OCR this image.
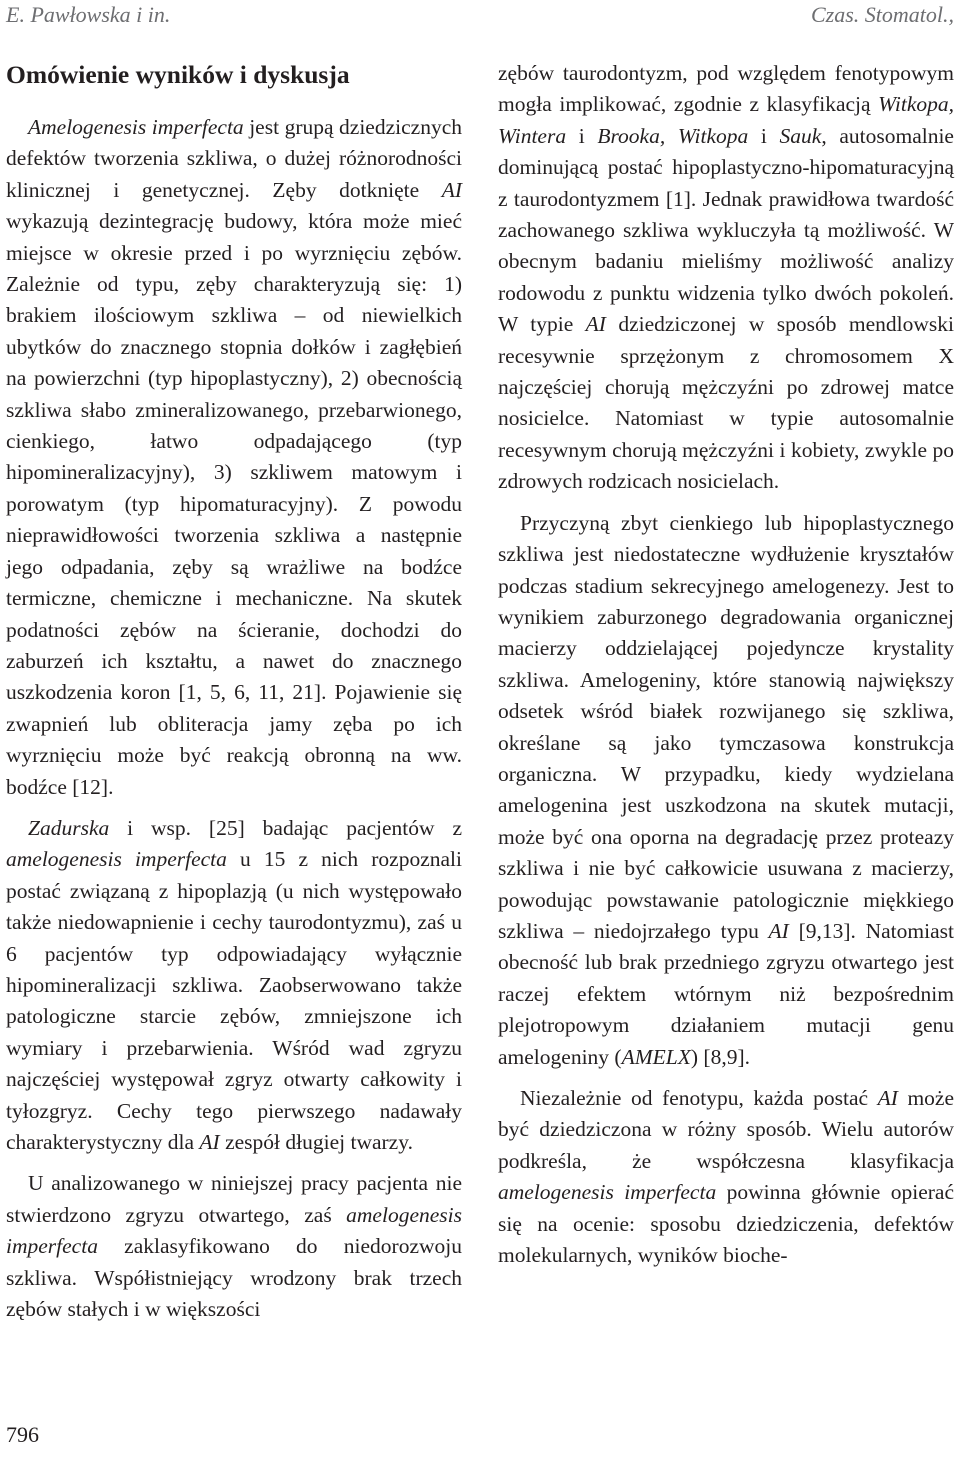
E. Pawłowska i in.	Czas. Stomatol.,
Omówienie wyników i dyskusja

Amelogenesis imperfecta jest grupą dziedzicznych defektów tworzenia szkliwa, o dużej różnorodności klinicznej i genetycznej. Zęby dotknięte AI wykazują dezintegrację budowy, która może mieć miejsce w okresie przed i po wyrznięciu zębów. Zależnie od typu, zęby charakteryzują się: 1) brakiem ilościowym szkliwa – od niewielkich ubytków do znacznego stopnia dołków i zagłębień na powierzchni (typ hipoplastyczny), 2) obecnością szkliwa słabo zmineralizowanego, przebarwionego, cienkiego, łatwo odpadającego (typ hipomineralizacyjny), 3) szkliwem matowym i porowatym (typ hipomaturacyjny). Z powodu nieprawidłowości tworzenia szkliwa a następnie jego odpadania, zęby są wrażliwe na bodźce termiczne, chemiczne i mechaniczne. Na skutek podatności zębów na ścieranie, dochodzi do zaburzeń ich kształtu, a nawet do znacznego uszkodzenia koron [1, 5, 6, 11, 21]. Pojawienie się zwapnień lub obliteracja jamy zęba po ich wyrznięciu może być reakcją obronną na ww. bodźce [12].

Zadurska i wsp. [25] badając pacjentów z amelogenesis imperfecta u 15 z nich rozpoznali postać związaną z hipoplazją (u nich występowało także niedowapnienie i cechy taurodontyzmu), zaś u 6 pacjentów typ odpowiadający wyłącznie hipomineralizacji szkliwa. Zaobserwowano także patologiczne starcie zębów, zmniejszone ich wymiary i przebarwienia. Wśród wad zgryzu najczęściej występował zgryz otwarty całkowity i tyłozgryz. Cechy tego pierwszego nadawały charakterystyczny dla AI zespół długiej twarzy.

U analizowanego w niniejszej pracy pacjenta nie stwierdzono zgryzu otwartego, zaś amelogenesis imperfecta zaklasyfikowano do niedorozwoju szkliwa. Współistniejący wrodzony brak trzech zębów stałych i w większości

zębów taurodontyzm, pod względem fenotypowym mogła implikować, zgodnie z klasyfikacją Witkopa, Wintera i Brooka, Witkopa i Sauk, autosomalnie dominującą postać hipoplastyczno-hipomaturacyjną z taurodontyzmem [1]. Jednak prawidłowa twardość zachowanego szkliwa wykluczyła tą możliwość. W obecnym badaniu mieliśmy możliwość analizy rodowodu z punktu widzenia tylko dwóch pokoleń. W typie AI dziedziczonej w sposób mendlowski recesywnie sprzężonym z chromosomem X najczęściej chorują mężczyźni po zdrowej matce nosicielce. Natomiast w typie autosomalnie recesywnym chorują mężczyźni i kobiety, zwykle po zdrowych rodzicach nosicielach.

Przyczyną zbyt cienkiego lub hipoplastycznego szkliwa jest niedostateczne wydłużenie kryształów podczas stadium sekrecyjnego amelogenezy. Jest to wynikiem zaburzonego degradowania organicznej macierzy oddzielającej pojedyncze krystality szkliwa. Amelogeniny, które stanowią największy odsetek wśród białek rozwijanego się szkliwa, określane są jako tymczasowa konstrukcja organiczna. W przypadku, kiedy wydzielana amelogenina jest uszkodzona na skutek mutacji, może być ona oporna na degradację przez proteazy szkliwa i nie być całkowicie usuwana z macierzy, powodując powstawanie patologicznie miękkiego szkliwa – niedojrzałego typu AI [9,13]. Natomiast obecność lub brak przedniego zgryzu otwartego jest raczej efektem wtórnym niż bezpośrednim plejotropowym działaniem mutacji genu amelogeniny (AMELX) [8,9].

Niezależnie od fenotypu, każda postać AI może być dziedziczona w różny sposób. Wielu autorów podkreśla, że współczesna klasyfikacja amelogenesis imperfecta powinna głównie opierać się na ocenie: sposobu dziedziczenia, defektów molekularnych, wyników bioche-

796
